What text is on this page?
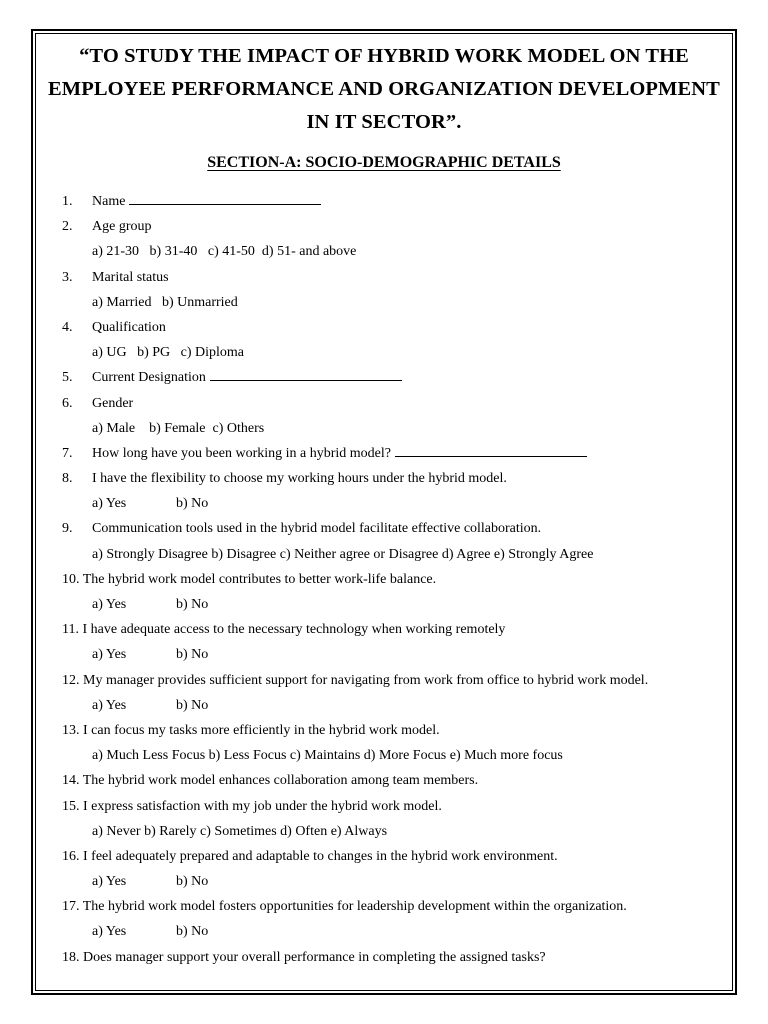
“TO STUDY THE IMPACT OF HYBRID WORK MODEL ON THE EMPLOYEE PERFORMANCE AND ORGANIZATION DEVELOPMENT IN IT SECTOR”.
SECTION-A: SOCIO-DEMOGRAPHIC DETAILS
1. Name
2. Age group
a) 21-30   b) 31-40   c) 41-50  d) 51- and above
3. Marital status
a) Married   b) Unmarried
4. Qualification
a) UG   b) PG   c) Diploma
5. Current Designation
6. Gender
a) Male    b) Female  c) Others
7. How long have you been working in a hybrid model?
8. I have the flexibility to choose my working hours under the hybrid model.
a) Yes	b) No
9. Communication tools used in the hybrid model facilitate effective collaboration.
a) Strongly Disagree b) Disagree c) Neither agree or Disagree d) Agree e) Strongly Agree
10. The hybrid work model contributes to better work-life balance.
a) Yes	b) No
11. I have adequate access to the necessary technology when working remotely
a) Yes	b) No
12. My manager provides sufficient support for navigating from work from office to hybrid work model.
a) Yes	b) No
13. I can focus my tasks more efficiently in the hybrid work model.
a) Much Less Focus b) Less Focus c) Maintains d) More Focus e) Much more focus
14. The hybrid work model enhances collaboration among team members.
15. I express satisfaction with my job under the hybrid work model.
a) Never b) Rarely c) Sometimes d) Often e) Always
16. I feel adequately prepared and adaptable to changes in the hybrid work environment.
a) Yes	b) No
17. The hybrid work model fosters opportunities for leadership development within the organization.
a) Yes	b) No
18. Does manager support your overall performance in completing the assigned tasks?
